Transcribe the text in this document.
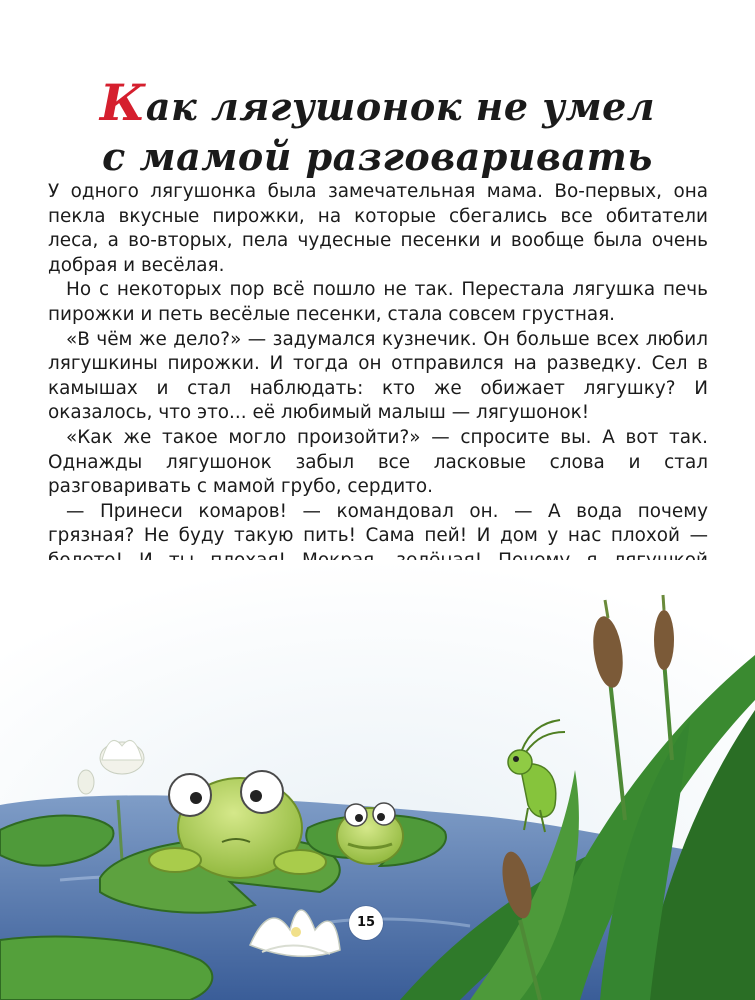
Как лягушонок не умел
с мамой разговаривать

У одного лягушонка была замечательная мама. Во-первых, она пекла вкусные пирожки, на которые сбегались все обитатели леса, а во-вторых, пела чудесные песенки и вообще была очень добрая и весёлая.

Но с некоторых пор всё пошло не так. Перестала лягушка печь пирожки и петь весёлые песенки, стала совсем грустная.

«В чём же дело?» — задумался кузнечик. Он больше всех любил лягушкины пирожки. И тогда он отправился на разведку. Сел в камышах и стал наблюдать: кто же обижает лягушку? И оказалось, что это... её любимый малыш — лягушонок!

«Как же такое могло произойти?» — спросите вы. А вот так. Однажды лягушонок забыл все ласковые слова и стал разговаривать с мамой грубо, сердито.

— Принеси комаров! — командовал он. — А вода почему грязная? Не буду такую пить! Сама пей! И дом у нас плохой —

15
